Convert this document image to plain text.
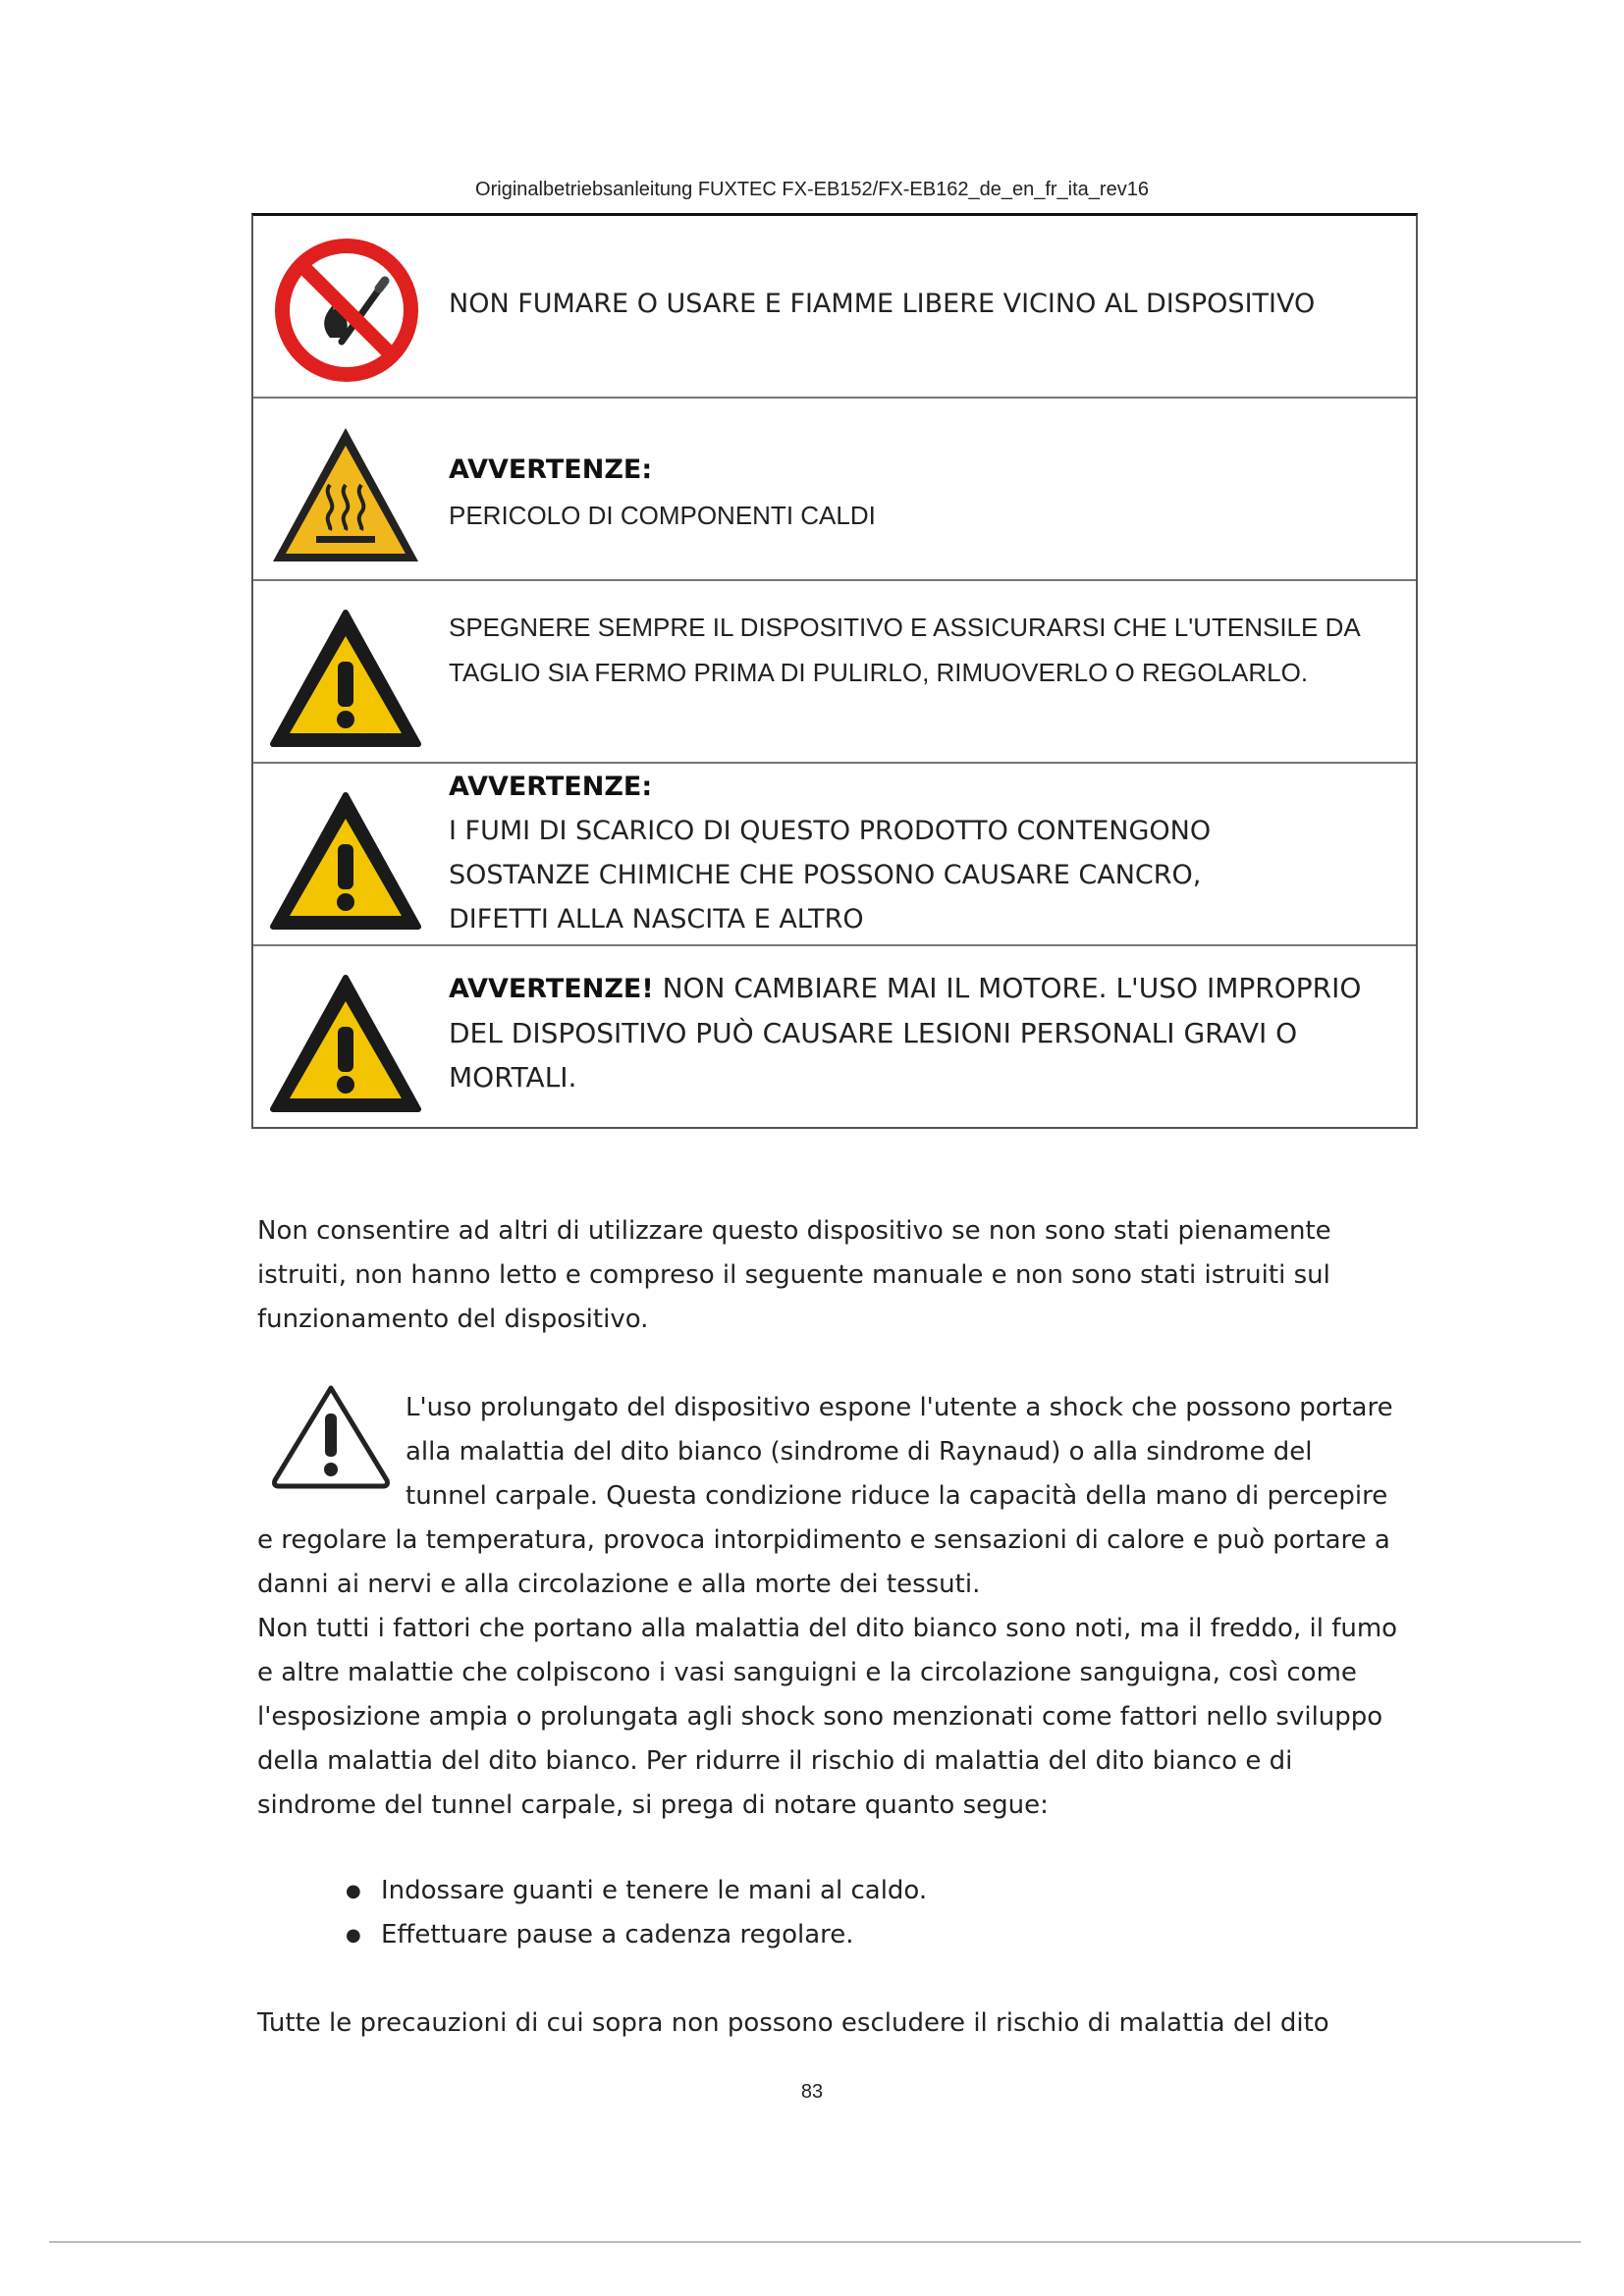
Originalbetriebsanleitung FUXTEC FX-EB152/FX-EB162_de_en_fr_ita_rev16
NON FUMARE O USARE E FIAMME LIBERE VICINO AL DISPOSITIVO
AVVERTENZE:
PERICOLO DI COMPONENTI CALDI
SPEGNERE SEMPRE IL DISPOSITIVO E ASSICURARSI CHE L'UTENSILE DA
TAGLIO SIA FERMO PRIMA DI PULIRLO, RIMUOVERLO O REGOLARLO.
AVVERTENZE:
I FUMI DI SCARICO DI QUESTO PRODOTTO CONTENGONO
SOSTANZE CHIMICHE CHE POSSONO CAUSARE CANCRO,
DIFETTI ALLA NASCITA E ALTRO
AVVERTENZE! NON CAMBIARE MAI IL MOTORE. L'USO IMPROPRIO
DEL DISPOSITIVO PUÒ CAUSARE LESIONI PERSONALI GRAVI O
MORTALI.

Non consentire ad altri di utilizzare questo dispositivo se non sono stati pienamente

istruiti, non hanno letto e compreso il seguente manuale e non sono stati istruiti sul

funzionamento del dispositivo.

L'uso prolungato del dispositivo espone l'utente a shock che possono portare

alla malattia del dito bianco (sindrome di Raynaud) o alla sindrome del

tunnel carpale. Questa condizione riduce la capacità della mano di percepire

e regolare la temperatura, provoca intorpidimento e sensazioni di calore e può portare a

danni ai nervi e alla circolazione e alla morte dei tessuti.

Non tutti i fattori che portano alla malattia del dito bianco sono noti, ma il freddo, il fumo

e altre malattie che colpiscono i vasi sanguigni e la circolazione sanguigna, così come

l'esposizione ampia o prolungata agli shock sono menzionati come fattori nello sviluppo

della malattia del dito bianco. Per ridurre il rischio di malattia del dito bianco e di

sindrome del tunnel carpale, si prega di notare quanto segue:

● Indossare guanti e tenere le mani al caldo.
● Effettuare pause a cadenza regolare.

Tutte le precauzioni di cui sopra non possono escludere il rischio di malattia del dito

83
